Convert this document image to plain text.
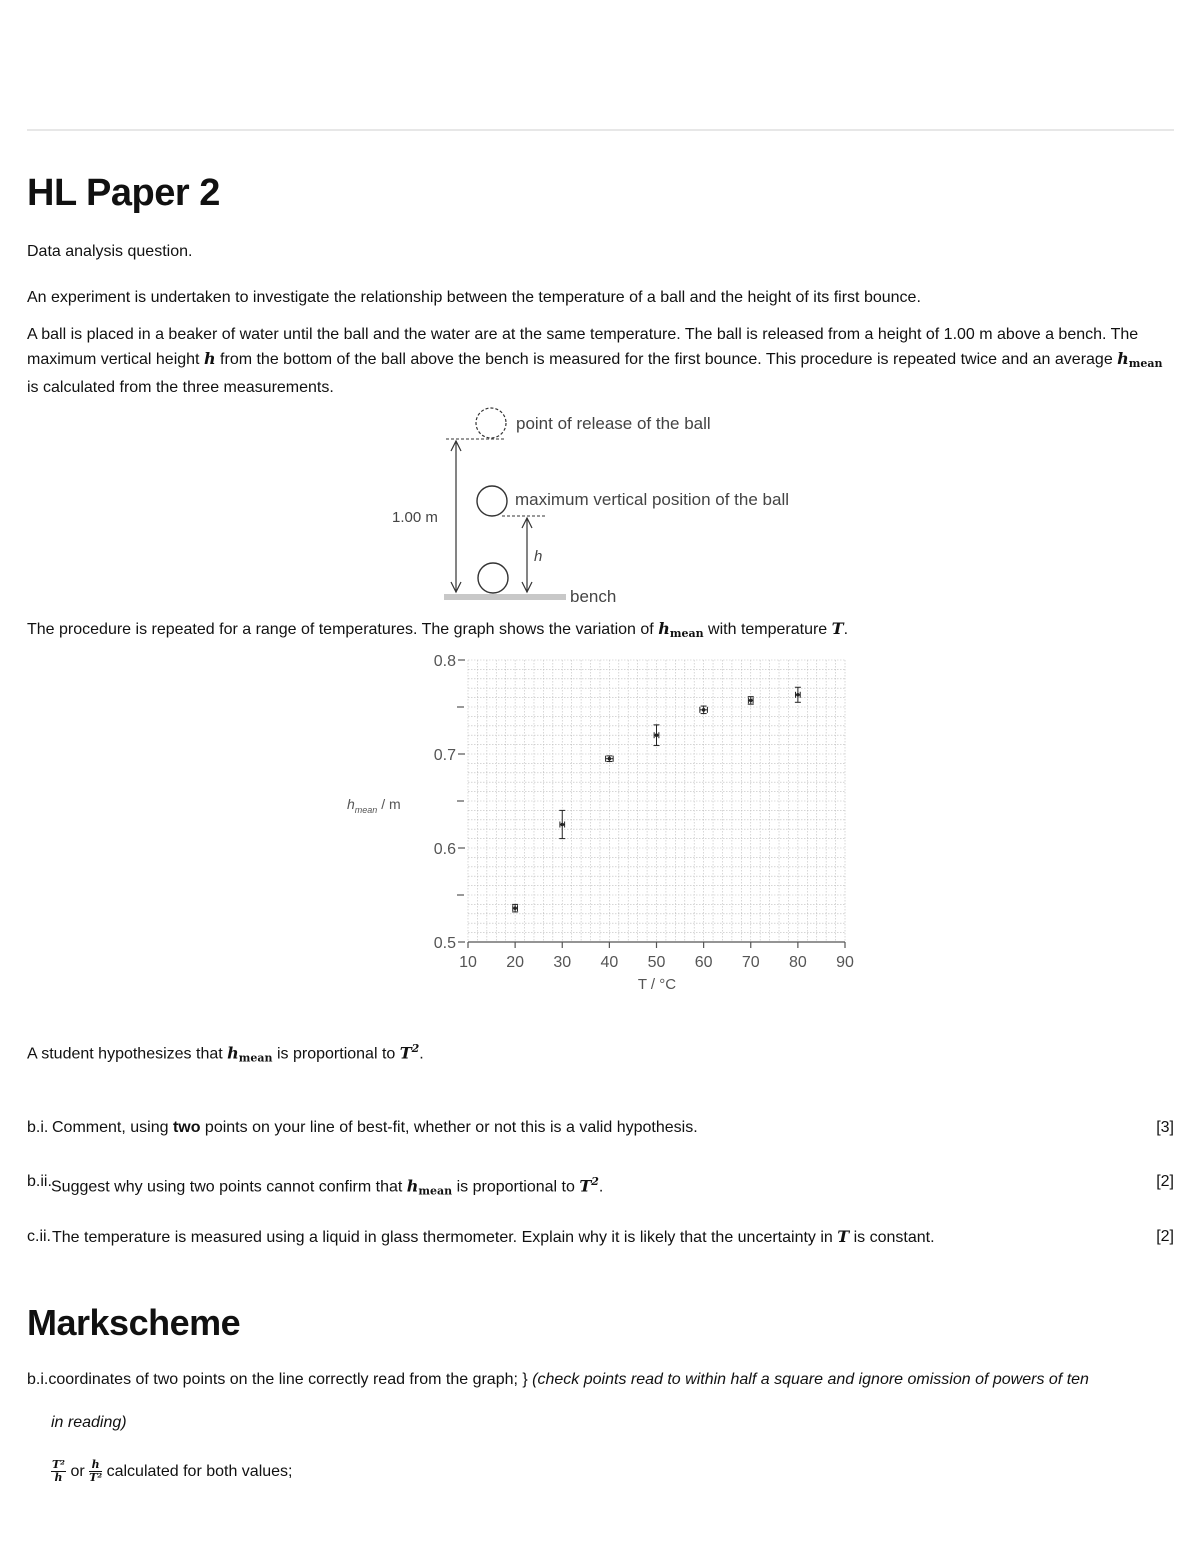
HL Paper 2
Data analysis question.
An experiment is undertaken to investigate the relationship between the temperature of a ball and the height of its first bounce.
A ball is placed in a beaker of water until the ball and the water are at the same temperature. The ball is released from a height of 1.00 m above a bench. The maximum vertical height h from the bottom of the ball above the bench is measured for the first bounce. This procedure is repeated twice and an average hmean is calculated from the three measurements.
point of release of the ball
maximum vertical position of the ball
1.00 m
h
bench
The procedure is repeated for a range of temperatures. The graph shows the variation of hmean with temperature T.
10 20 30 40 50 60 70 80 90
0.5
0.6
0.7
0.8
$h_{mean}$ / m
T / °C
A student hypothesizes that hmean is proportional to $T^2$.
b.i. Comment, using two points on your line of best-fit, whether or not this is a valid hypothesis.	[3]
b.ii. Suggest why using two points cannot confirm that hmean is proportional to $T^2$.	[2]
c.ii. The temperature is measured using a liquid in glass thermometer. Explain why it is likely that the uncertainty in T is constant.	[2]
Markscheme
b.i.coordinates of two points on the line correctly read from the graph; } (check points read to within half a square and ignore omission of powers of ten
in reading)
$\frac{\text{T²}}{h}$ or $\frac{h}{\text{T²}}$ calculated for both values;
